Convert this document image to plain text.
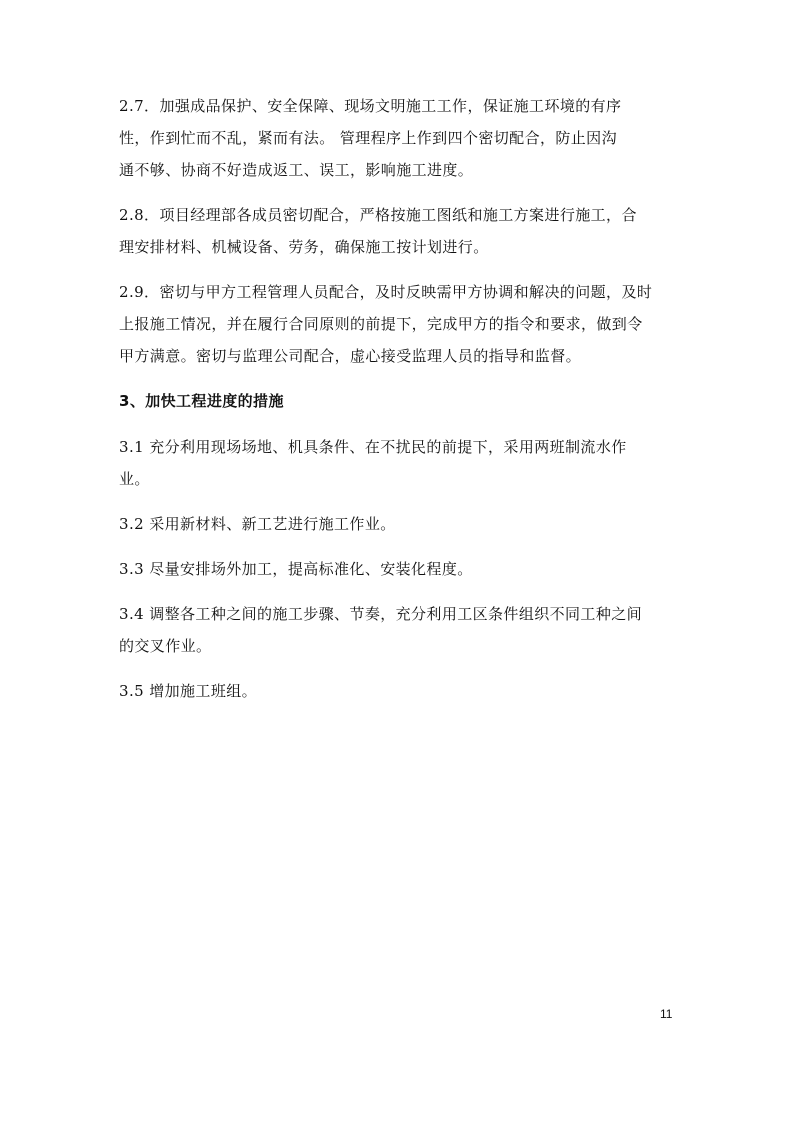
2.7．加强成品保护、安全保障、现场文明施工工作，保证施工环境的有序
性，作到忙而不乱，紧而有法。 管理程序上作到四个密切配合，防止因沟
通不够、协商不好造成返工、误工，影响施工进度。

2.8．项目经理部各成员密切配合，严格按施工图纸和施工方案进行施工，合
理安排材料、机械设备、劳务，确保施工按计划进行。

2.9．密切与甲方工程管理人员配合，及时反映需甲方协调和解决的问题，及时
上报施工情况，并在履行合同原则的前提下，完成甲方的指令和要求，做到令
甲方满意。密切与监理公司配合，虚心接受监理人员的指导和监督。

3、加快工程进度的措施

3.1 充分利用现场场地、机具条件、在不扰民的前提下，采用两班制流水作
业。

3.2 采用新材料、新工艺进行施工作业。

3.3 尽量安排场外加工，提高标准化、安装化程度。

3.4 调整各工种之间的施工步骤、节奏，充分利用工区条件组织不同工种之间
的交叉作业。

3.5 增加施工班组。

11
